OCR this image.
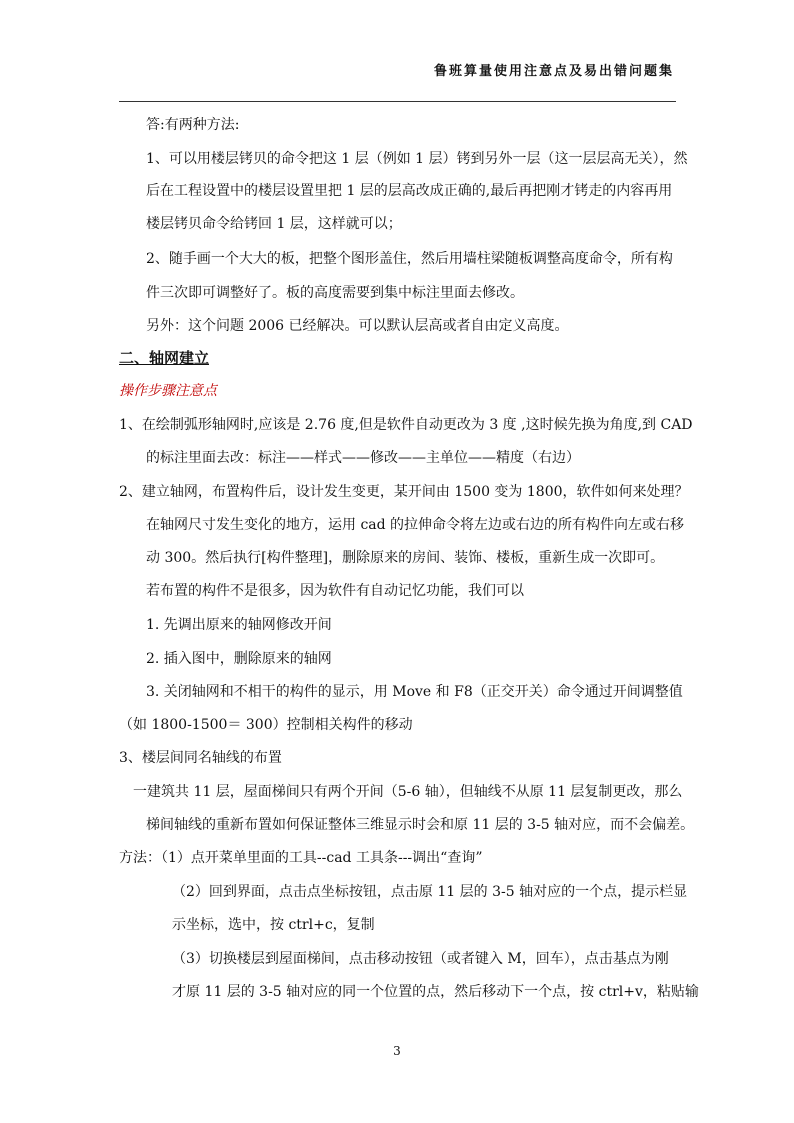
鲁班算量使用注意点及易出错问题集
答:有两种方法:
1、可以用楼层铐贝的命令把这 1 层（例如 1 层）铐到另外一层（这一层层高无关），然
后在工程设置中的楼层设置里把 1 层的层高改成正确的,最后再把刚才铐走的内容再用
楼层铐贝命令给铐回 1 层，这样就可以；
2、随手画一个大大的板，把整个图形盖住，然后用墙柱梁随板调整高度命令，所有构
件三次即可调整好了。板的高度需要到集中标注里面去修改。
另外：这个问题 2006 已经解决。可以默认层高或者自由定义高度。
二、轴网建立
操作步骤注意点
1、在绘制弧形轴网时,应该是 2.76 度,但是软件自动更改为 3 度 ,这时候先换为角度,到 CAD
的标注里面去改：标注——样式——修改——主单位——精度（右边）
2、建立轴网，布置构件后，设计发生变更，某开间由 1500 变为 1800，软件如何来处理？
在轴网尺寸发生变化的地方，运用 cad 的拉伸命令将左边或右边的所有构件向左或右移
动 300。然后执行[构件整理]，删除原来的房间、装饰、楼板，重新生成一次即可。
若布置的构件不是很多，因为软件有自动记忆功能，我们可以
1. 先调出原来的轴网修改开间
2. 插入图中，删除原来的轴网
3. 关闭轴网和不相干的构件的显示，用 Move 和 F8（正交开关）命令通过开间调整值
（如 1800-1500＝ 300）控制相关构件的移动
3、楼层间同名轴线的布置
一建筑共 11 层，屋面梯间只有两个开间（5-6 轴），但轴线不从原 11 层复制更改，那么
梯间轴线的重新布置如何保证整体三维显示时会和原 11 层的 3-5 轴对应，而不会偏差。
方法：（1）点开菜单里面的工具--cad 工具条---调出“查询”
（2）回到界面，点击点坐标按钮，点击原 11 层的 3-5 轴对应的一个点，提示栏显
示坐标，选中，按 ctrl+c，复制
（3）切换楼层到屋面梯间，点击移动按钮（或者键入 M，回车），点击基点为刚
才原 11 层的 3-5 轴对应的同一个位置的点，然后移动下一个点，按 ctrl+v，粘贴输
3
